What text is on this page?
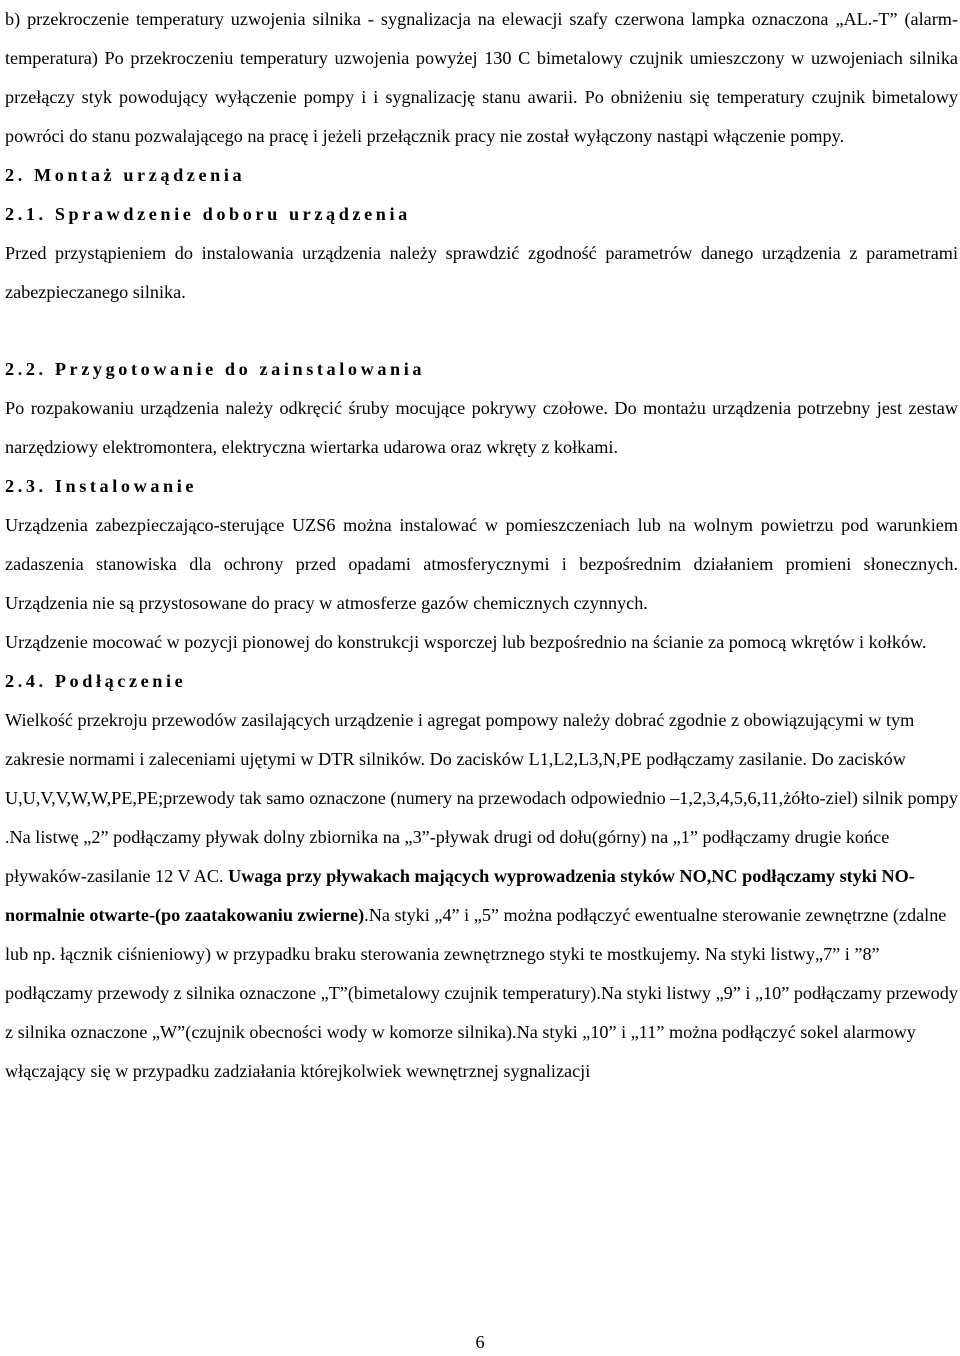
b) przekroczenie temperatury uzwojenia silnika - sygnalizacja na elewacji szafy czerwona lampka oznaczona „AL.-T” (alarm-temperatura) Po przekroczeniu temperatury uzwojenia powyżej 130 C bimetalowy czujnik umieszczony w uzwojeniach silnika przełączy styk powodujący wyłączenie pompy i i sygnalizację stanu awarii. Po obniżeniu się temperatury czujnik bimetalowy powróci do stanu pozwalającego na pracę i jeżeli przełącznik pracy nie został wyłączony nastąpi włączenie pompy.

2. Montaż urządzenia
2.1. Sprawdzenie doboru urządzenia

Przed przystąpieniem do instalowania urządzenia należy sprawdzić zgodność parametrów danego urządzenia z parametrami zabezpieczanego silnika.

2.2. Przygotowanie do zainstalowania

Po rozpakowaniu urządzenia należy odkręcić śruby mocujące pokrywy czołowe. Do montażu urządzenia potrzebny jest zestaw narzędziowy elektromontera, elektryczna wiertarka udarowa oraz wkręty z kołkami.

2.3. Instalowanie

Urządzenia zabezpieczająco-sterujące UZS6 można instalować w pomieszczeniach lub na wolnym powietrzu pod warunkiem zadaszenia stanowiska dla ochrony przed opadami atmosferycznymi i bezpośrednim działaniem promieni słonecznych. Urządzenia nie są przystosowane do pracy w atmosferze gazów chemicznych czynnych.

Urządzenie mocować w pozycji pionowej do konstrukcji wsporczej lub bezpośrednio na ścianie za pomocą wkrętów i kołków.

2.4. Podłączenie

Wielkość przekroju przewodów zasilających urządzenie i agregat pompowy należy dobrać zgodnie z obowiązującymi w tym zakresie normami i zaleceniami ujętymi w DTR silników. Do zacisków L1,L2,L3,N,PE podłączamy zasilanie. Do zacisków U,U,V,V,W,W,PE,PE;przewody tak samo oznaczone (numery na przewodach odpowiednio –1,2,3,4,5,6,11,żółto-ziel) silnik pompy .Na listwę „2” podłączamy pływak dolny zbiornika na „3”-pływak drugi od dołu(górny) na „1” podłączamy drugie końce pływaków-zasilanie 12 V AC. Uwaga przy pływakach mających wyprowadzenia styków NO,NC podłączamy styki NO-normalnie otwarte-(po zaatakowaniu zwierne).Na styki „4” i „5” można podłączyć ewentualne sterowanie zewnętrzne (zdalne lub np. łącznik ciśnieniowy) w przypadku braku sterowania zewnętrznego styki te mostkujemy. Na styki listwy„7” i ”8” podłączamy przewody z silnika oznaczone „T”(bimetalowy czujnik temperatury).Na styki listwy „9” i „10” podłączamy przewody z silnika oznaczone „W”(czujnik obecności wody w komorze silnika).Na styki „10” i „11” można podłączyć sokel alarmowy włączający się w przypadku zadziałania którejkolwiek wewnętrznej sygnalizacji

6
